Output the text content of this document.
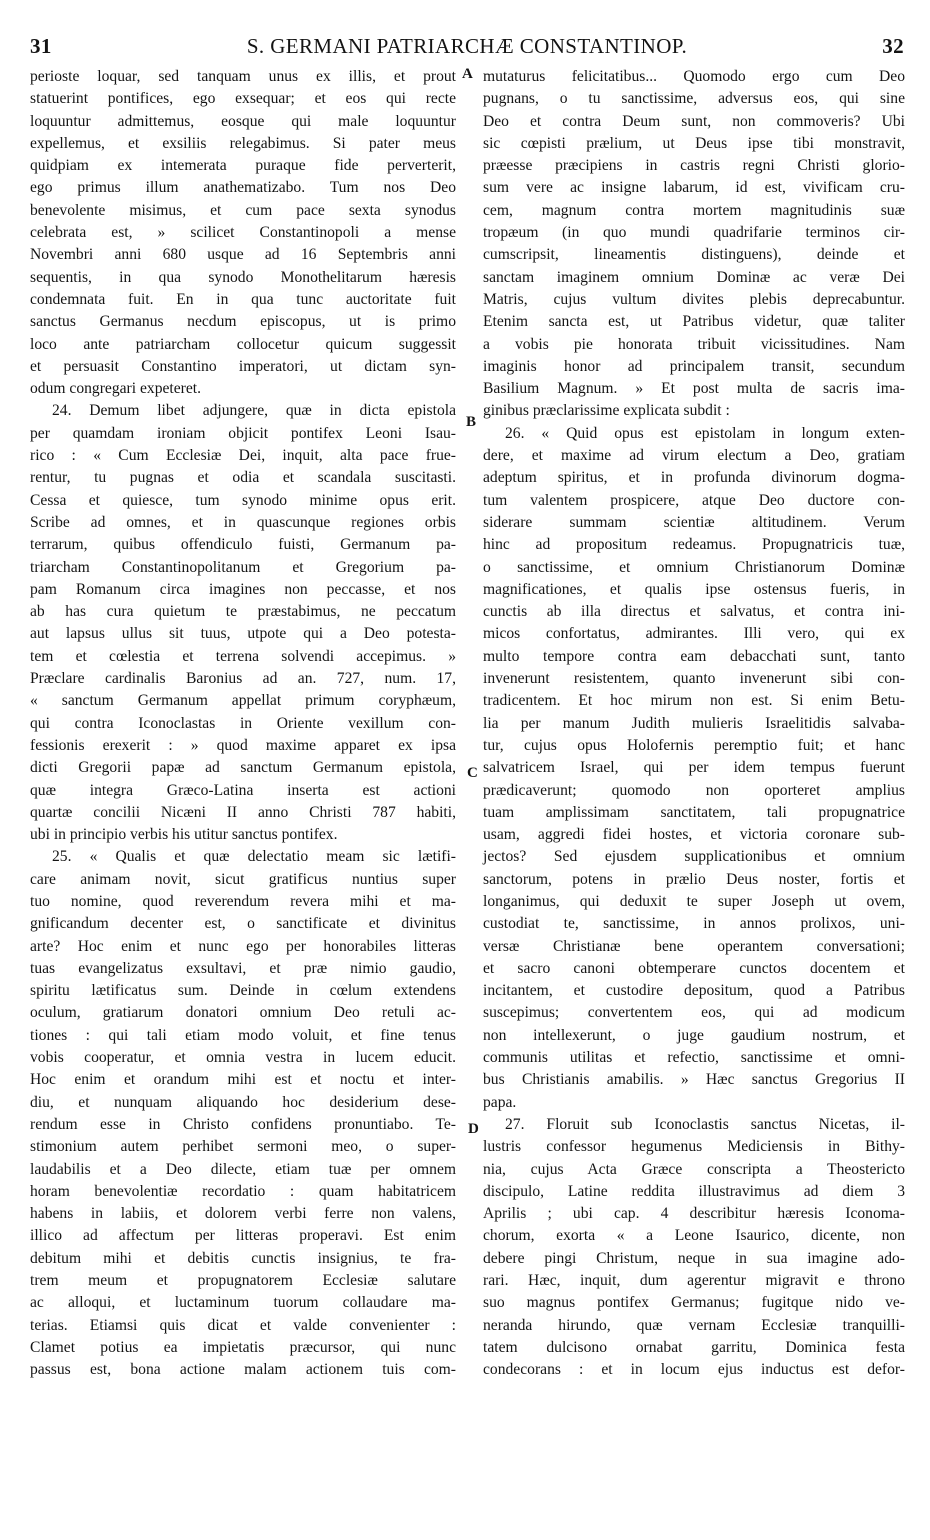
31	S. GERMANI PATRIARCHÆ CONSTANTINOP.	32
perioste loquar, sed tanquam unus ex illis, et prout
statuerint pontifices, ego exsequar; et eos qui recte
loquuntur admittemus, eosque qui male loquuntur
expellemus, et exsiliis relegabimus. Si pater meus
quidpiam ex intemerata puraque fide perverterit,
ego primus illum anathematizabo. Tum nos Deo
benevolente misimus, et cum pace sexta synodus
celebrata est, » scilicet Constantinopoli a mense
Novembri anni 680 usque ad 16 Septembris anni
sequentis, in qua synodo Monothelitarum hæresis
condemnata fuit. En in qua tunc auctoritate fuit
sanctus Germanus necdum episcopus, ut is primo
loco ante patriarcham collocetur quicum suggessit
et persuasit Constantino imperatori, ut dictam syn-
odum congregari expeteret.
24. Demum libet adjungere, quæ in dicta epistola
per quamdam ironiam objicit pontifex Leoni Isau-
rico : « Cum Ecclesiæ Dei, inquit, alta pace frue-
rentur, tu pugnas et odia et scandala suscitasti.
Cessa et quiesce, tum synodo minime opus erit.
Scribe ad omnes, et in quascunque regiones orbis
terrarum, quibus offendiculo fuisti, Germanum pa-
triarcham Constantinopolitanum et Gregorium pa-
pam Romanum circa imagines non peccasse, et nos
ab has cura quietum te præstabimus, ne peccatum
aut lapsus ullus sit tuus, utpote qui a Deo potesta-
tem et cœlestia et terrena solvendi accepimus. »
Præclare cardinalis Baronius ad an. 727, num. 17,
« sanctum Germanum appellat primum coryphæum,
qui contra Iconoclastas in Oriente vexillum con-
fessionis erexerit : » quod maxime apparet ex ipsa
dicti Gregorii papæ ad sanctum Germanum epistola,
quæ integra Græco-Latina inserta est actioni
quartæ concilii Nicæni II anno Christi 787 habiti,
ubi in principio verbis his utitur sanctus pontifex.
25. « Qualis et quæ delectatio meam sic lætifi-
care animam novit, sicut gratificus nuntius super
tuo nomine, quod reverendum revera mihi et ma-
gnificandum decenter est, o sanctificate et divinitus
arte? Hoc enim et nunc ego per honorabiles litteras
tuas evangelizatus exsultavi, et præ nimio gaudio,
spiritu lætificatus sum. Deinde in cœlum extendens
oculum, gratiarum donatori omnium Deo retuli ac-
tiones : qui tali etiam modo voluit, et fine tenus
vobis cooperatur, et omnia vestra in lucem educit.
Hoc enim et orandum mihi est et noctu et inter-
diu, et nunquam aliquando hoc desiderium dese-
rendum esse in Christo confidens pronuntiabo. Te-
stimonium autem perhibet sermoni meo, o super-
laudabilis et a Deo dilecte, etiam tuæ per omnem
horam benevolentiæ recordatio : quam habitatricem
habens in labiis, et dolorem verbi ferre non valens,
illico ad affectum per litteras properavi. Est enim
debitum mihi et debitis cunctis insignius, te fra-
trem meum et propugnatorem Ecclesiæ salutare
ac alloqui, et luctaminum tuorum collaudare ma-
terias. Etiamsi quis dicat et valde convenienter :
Clamet potius ea impietatis præcursor, qui nunc
passus est, bona actione malam actionem tuis com-
mutaturus felicitatibus... Quomodo ergo cum Deo
pugnans, o tu sanctissime, adversus eos, qui sine
Deo et contra Deum sunt, non commoveris? Ubi
sic cœpisti prælium, ut Deus ipse tibi monstravit,
præesse præcipiens in castris regni Christi glorio-
sum vere ac insigne labarum, id est, vivificam cru-
cem, magnum contra mortem magnitudinis suæ
tropæum (in quo mundi quadrifarie terminos cir-
cumscripsit, lineamentis distinguens), deinde et
sanctam imaginem omnium Dominæ ac veræ Dei
Matris, cujus vultum divites plebis deprecabuntur.
Etenim sancta est, ut Patribus videtur, quæ taliter
a vobis pie honorata tribuit vicissitudines. Nam
imaginis honor ad principalem transit, secundum
Basilium Magnum. » Et post multa de sacris ima-
ginibus præclarissime explicata subdit :
26. « Quid opus est epistolam in longum exten-
dere, et maxime ad virum electum a Deo, gratiam
adeptum spiritus, et in profunda divinorum dogma-
tum valentem prospicere, atque Deo ductore con-
siderare summam scientiæ altitudinem. Verum
hinc ad propositum redeamus. Propugnatricis tuæ,
o sanctissime, et omnium Christianorum Dominæ
magnificationes, et qualis ipse ostensus fueris, in
cunctis ab illa directus et salvatus, et contra ini-
micos confortatus, admirantes. Illi vero, qui ex
multo tempore contra eam debacchati sunt, tanto
invenerunt resistentem, quanto invenerunt sibi con-
tradicentem. Et hoc mirum non est. Si enim Betu-
lia per manum Judith mulieris Israelitidis salvaba-
tur, cujus opus Holofernis peremptio fuit; et hanc
salvatricem Israel, qui per idem tempus fuerunt
prædicaverunt; quomodo non oporteret amplius
tuam amplissimam sanctitatem, tali propugnatrice
usam, aggredi fidei hostes, et victoria coronare sub-
jectos? Sed ejusdem supplicationibus et omnium
sanctorum, potens in prælio Deus noster, fortis et
longanimus, qui deduxit te super Joseph ut ovem,
custodiat te, sanctissime, in annos prolixos, uni-
versæ Christianæ bene operantem conversationi;
et sacro canoni obtemperare cunctos docentem et
incitantem, et custodire depositum, quod a Patribus
suscepimus; convertentem eos, qui ad modicum
non intellexerunt, o juge gaudium nostrum, et
communis utilitas et refectio, sanctissime et omni-
bus Christianis amabilis. » Hæc sanctus Gregorius II
papa.
27. Floruit sub Iconoclastis sanctus Nicetas, il-
lustris confessor hegumenus Mediciensis in Bithy-
nia, cujus Acta Græce conscripta a Theostericto
discipulo, Latine reddita illustravimus ad diem 3
Aprilis ; ubi cap. 4 describitur hæresis Iconoma-
chorum, exorta « a Leone Isaurico, dicente, non
debere pingi Christum, neque in sua imagine ado-
rari. Hæc, inquit, dum agerentur migravit e throno
suo magnus pontifex Germanus; fugitque nido ve-
neranda hirundo, quæ vernam Ecclesiæ tranquilli-
tatem dulcisono ornabat garritu, Dominica festa
condecorans : et in locum ejus inductus est defor-
A
B
C
D
